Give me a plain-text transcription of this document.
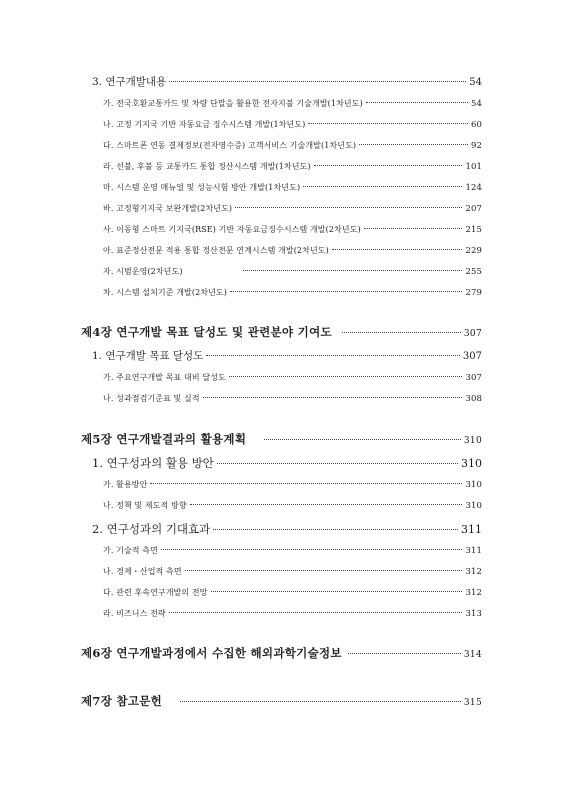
3. 연구개발내용	54
가. 전국호환교통카드 및 차량 단말을 활용한 전자지불 기술개발(1차년도)	54
나. 고정 기지국 기반 자동요금 징수시스템 개발(1차년도)	60
다. 스마트폰 연동 결제정보(전자영수증) 고객서비스 기술개발(1차년도)	92
라. 선불, 후불 등 교통카드 통합 정산시스템 개발(1차년도)	101
마. 시스템 운영 매뉴얼 및 성능시험 방안 개발(1차년도)	124
바. 고정형기지국 보완개발(2차년도)	207
사. 이동형 스마트 기지국(RSE) 기반 자동요금징수시스템 개발(2차년도)	215
아. 표준정산전문 적용 통합 정산전문 연계시스템 개발(2차년도)	229
자. 시범운영(2차년도)	255
차. 시스템 설치기준 개발(2차년도)	279
제4장 연구개발 목표 달성도 및 관련분야 기여도	307
1. 연구개발 목표 달성도	307
가. 주요연구개발 목표 대비 달성도	307
나. 성과점검기준표 및 실적	308
제5장 연구개발결과의 활용계획	310
1. 연구성과의 활용 방안	310
가. 활용방안	310
나. 정책 및 제도적 방향	310
2. 연구성과의 기대효과	311
가. 기술적 측면	311
나. 경제・산업적 측면	312
다. 관련 후속연구개발의 전망	312
라. 비즈니스 전략	313
제6장 연구개발과정에서 수집한 해외과학기술정보	314
제7장 참고문헌	315
